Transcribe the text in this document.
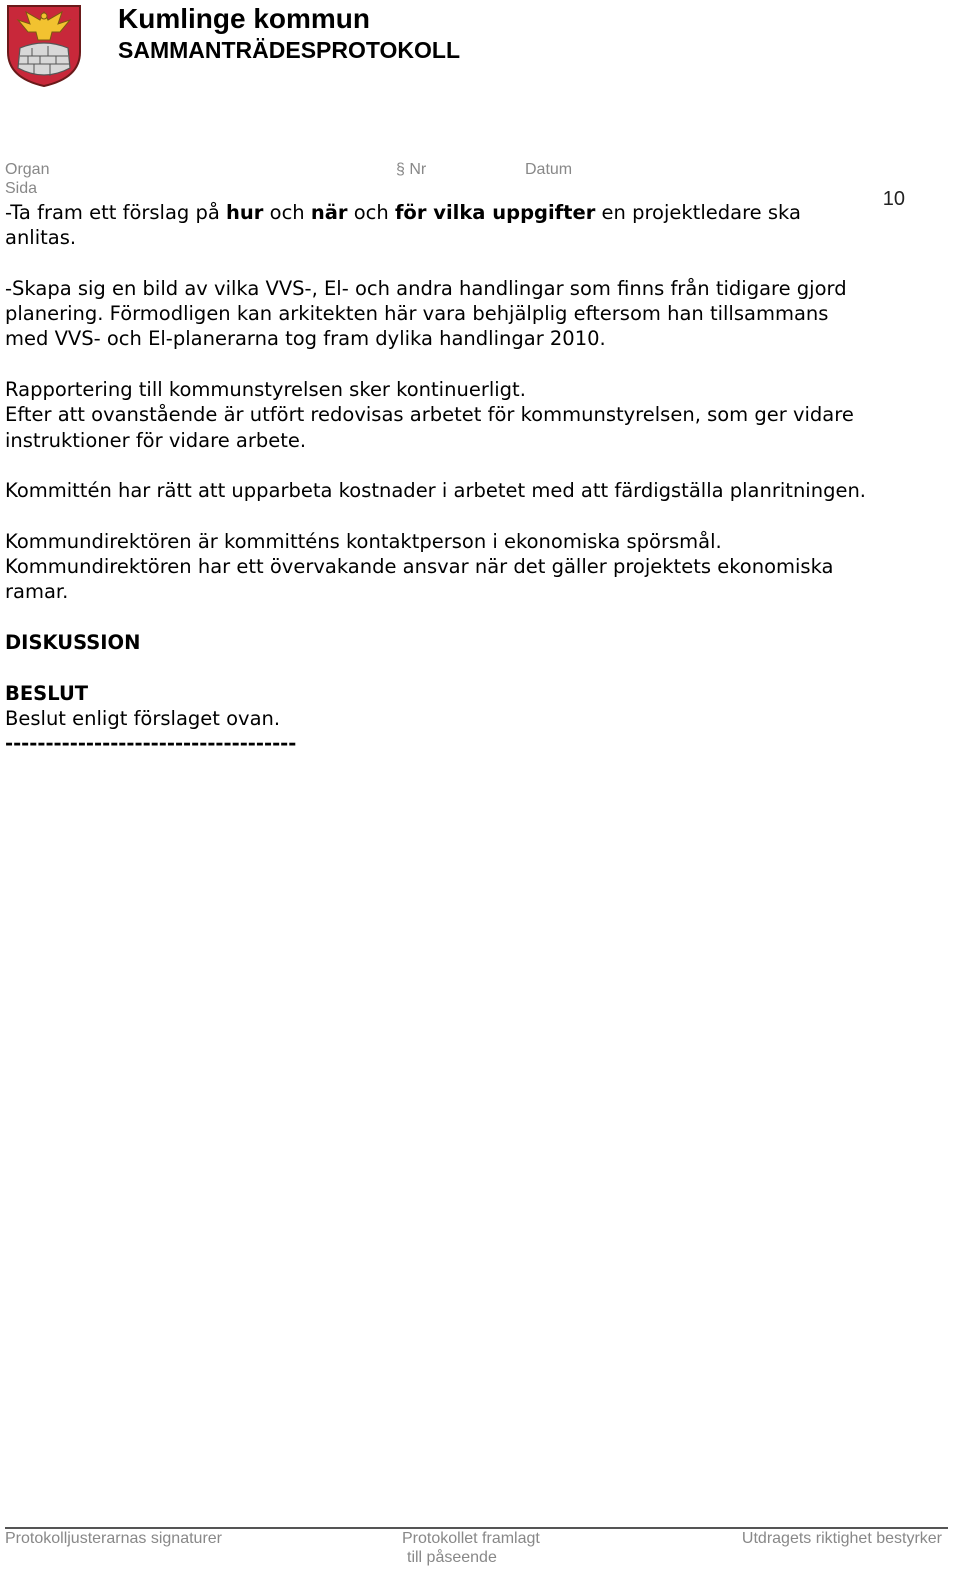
Kumlinge kommun
SAMMANTRÄDESPROTOKOLL
Organ	§ Nr	Datum
Sida	10

-Ta fram ett förslag på hur och när och för vilka uppgifter en projektledare ska anlitas.

-Skapa sig en bild av vilka VVS-, El- och andra handlingar som finns från tidigare gjord planering. Förmodligen kan arkitekten här vara behjälplig eftersom han tillsammans med VVS- och El-planerarna tog fram dylika handlingar 2010.

Rapportering till kommunstyrelsen sker kontinuerligt.

Efter att ovanstående är utfört redovisas arbetet för kommunstyrelsen, som ger vidare instruktioner för vidare arbete.

Kommittén har rätt att upparbeta kostnader i arbetet med att färdigställa planritningen.

Kommundirektören är kommitténs kontaktperson i ekonomiska spörsmål.

Kommundirektören har ett övervakande ansvar när det gäller projektets ekonomiska ramar.

DISKUSSION

BESLUT

Beslut enligt förslaget ovan.

------------------------------------

Protokolljusterarnas signaturer	Protokollet framlagt
till påseende
Utdragets riktighet bestyrker
